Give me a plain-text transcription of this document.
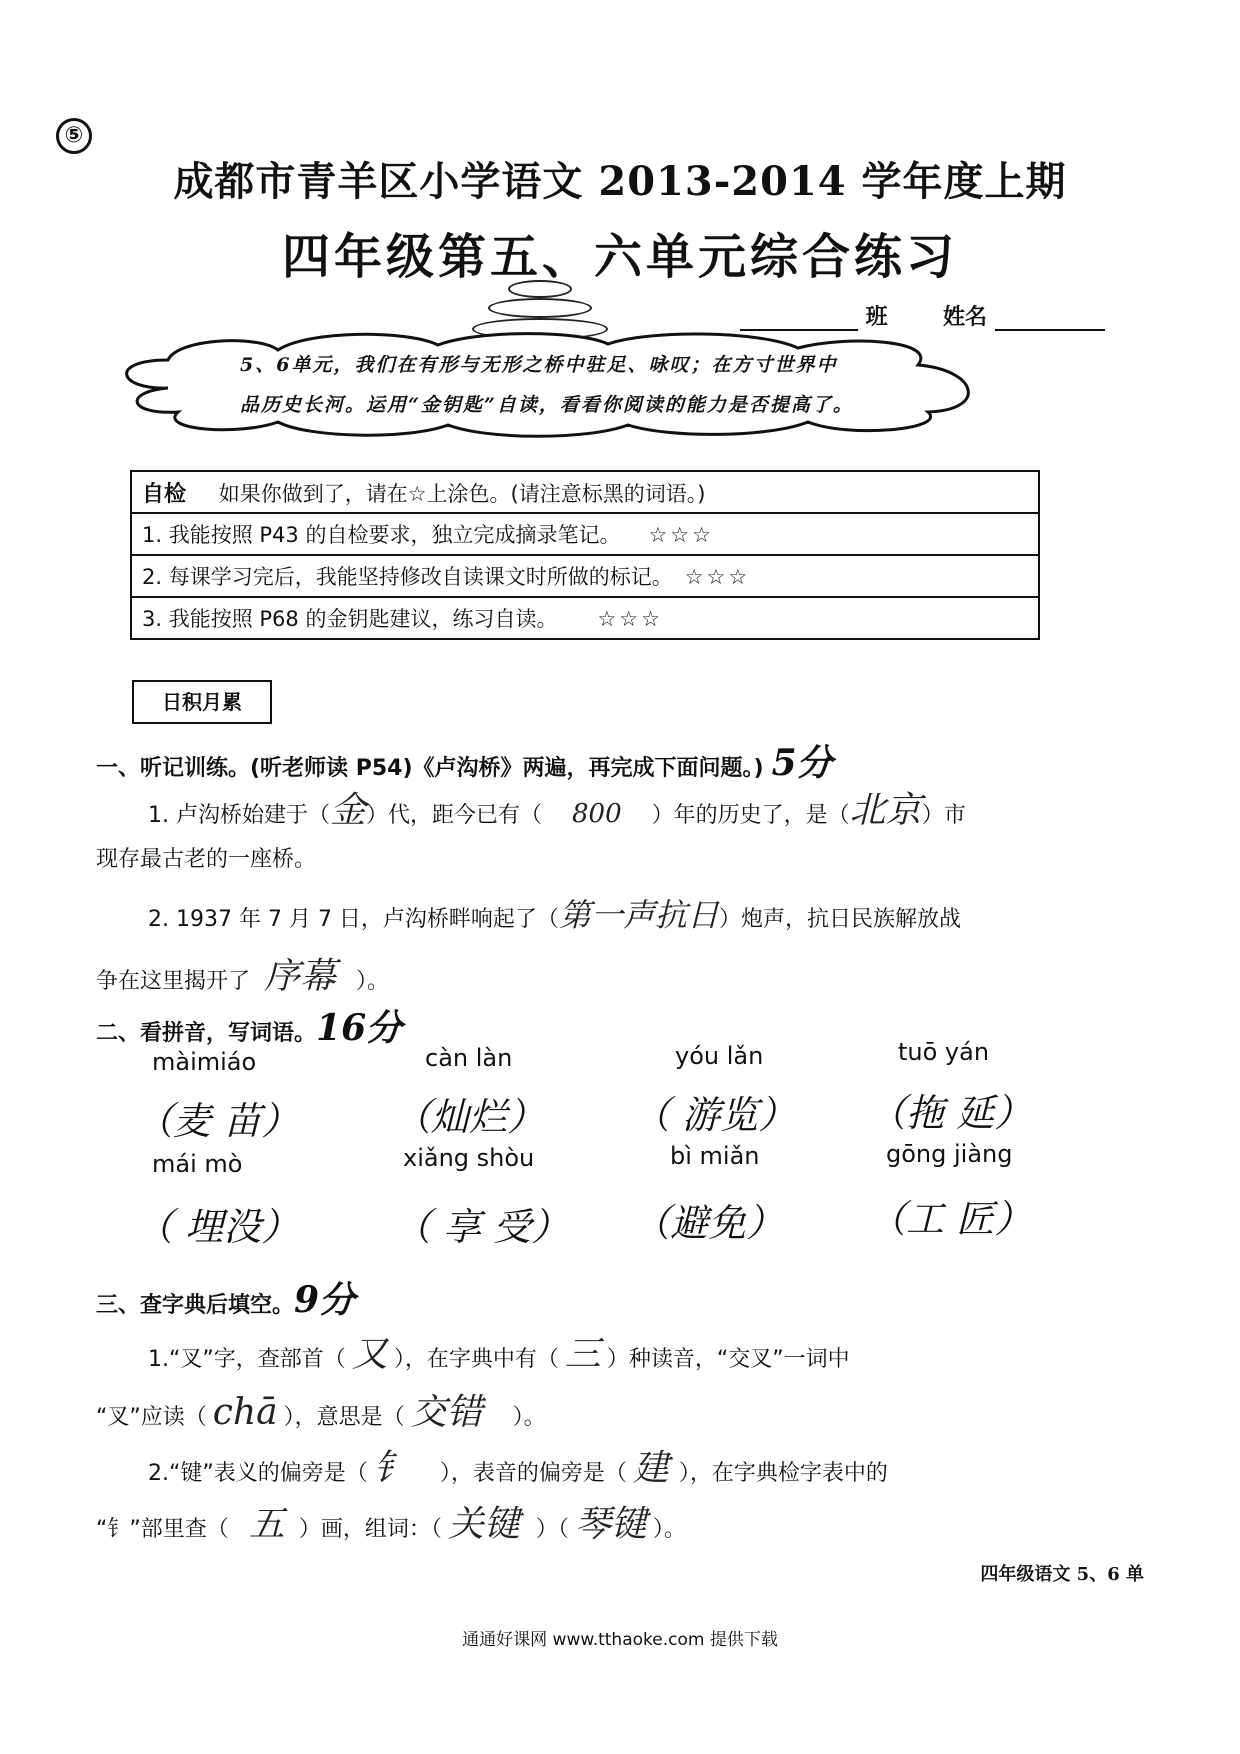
⑤
成都市青羊区小学语文 2013-2014 学年度上期
四年级第五、六单元综合练习
班	姓名
5、6单元，我们在有形与无形之桥中驻足、咏叹；在方寸世界中
品历史长河。运用“金钥匙”自读，看看你阅读的能力是否提高了。
自检 如果你做到了，请在☆上涂色。(请注意标黑的词语。)
1. 我能按照 P43 的自检要求，独立完成摘录笔记。 ☆☆☆
2. 每课学习完后，我能坚持修改自读课文时所做的标记。 ☆☆☆
3. 我能按照 P68 的金钥匙建议，练习自读。 ☆☆☆
日积月累
一、听记训练。(听老师读 P54)《卢沟桥》两遍，再完成下面问题。) 5分
1. 卢沟桥始建于（金）代，距今已有（ 800 ）年的历史了，是（北京）市
现存最古老的一座桥。
2. 1937 年 7 月 7 日，卢沟桥畔响起了（第一声抗日）炮声，抗日民族解放战
争在这里揭开了 序幕 ）。
二、看拼音，写词语。16分
màimiáo	càn làn	yóu lǎn	tuō yán
（麦 苗） （灿烂） （ 游览） （拖 延）
mái mò	xiǎng shòu	bì miǎn	gōng jiàng
（ 埋没） （ 享 受） （避免） （工 匠）
三、查字典后填空。9分
1.“叉”字，查部首（ 又 ），在字典中有（ 三 ）种读音，“交叉”一词中
“叉”应读（ chā ），意思是（ 交错 ）。
2.“键”表义的偏旁是（ 钅 ），表音的偏旁是（ 建 ），在字典检字表中的
“钅”部里查（ 五 ）画，组词：（ 关键 ）（ 琴键 ）。
四年级语文 5、6 单
通通好课网 www.tthaoke.com 提供下载
